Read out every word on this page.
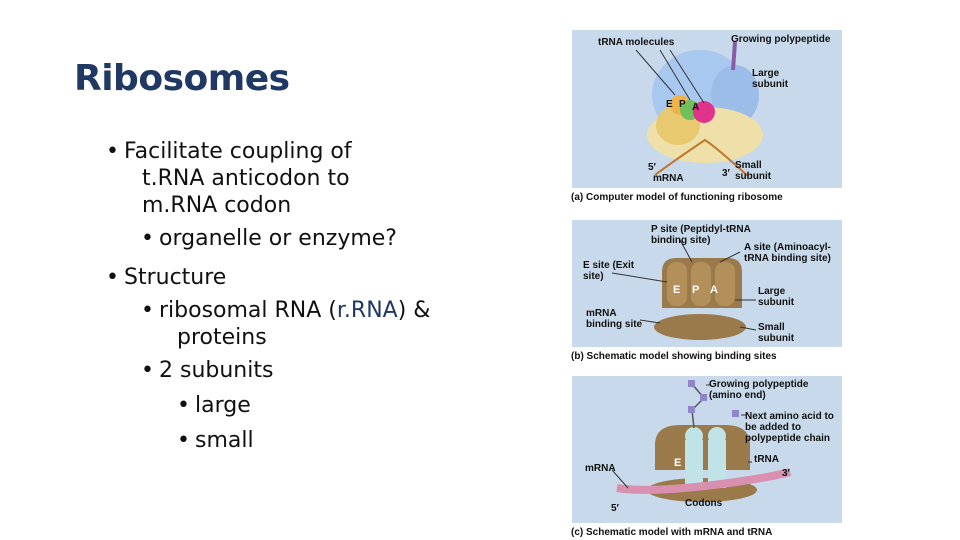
Ribosomes
• Facilitate coupling of
t.RNA anticodon to
m.RNA codon
• organelle or enzyme?
• Structure
• ribosomal RNA (r.RNA) &
proteins
• 2 subunits
• large
• small
tRNA molecules	Growing polypeptide
Large subunit
Small subunit
5′
3′
mRNA
E P A
(a) Computer model of functioning ribosome
P site (Peptidyl-tRNA binding site)
A site (Aminoacyl-tRNA binding site)
E site (Exit site)
Large subunit
mRNA binding site	Small subunit
E P A
(b) Schematic model showing binding sites
Growing polypeptide (amino end)
Next amino acid to be added to polypeptide chain
tRNA
3′
mRNA
5′
E
Codons
(c) Schematic model with mRNA and tRNA
